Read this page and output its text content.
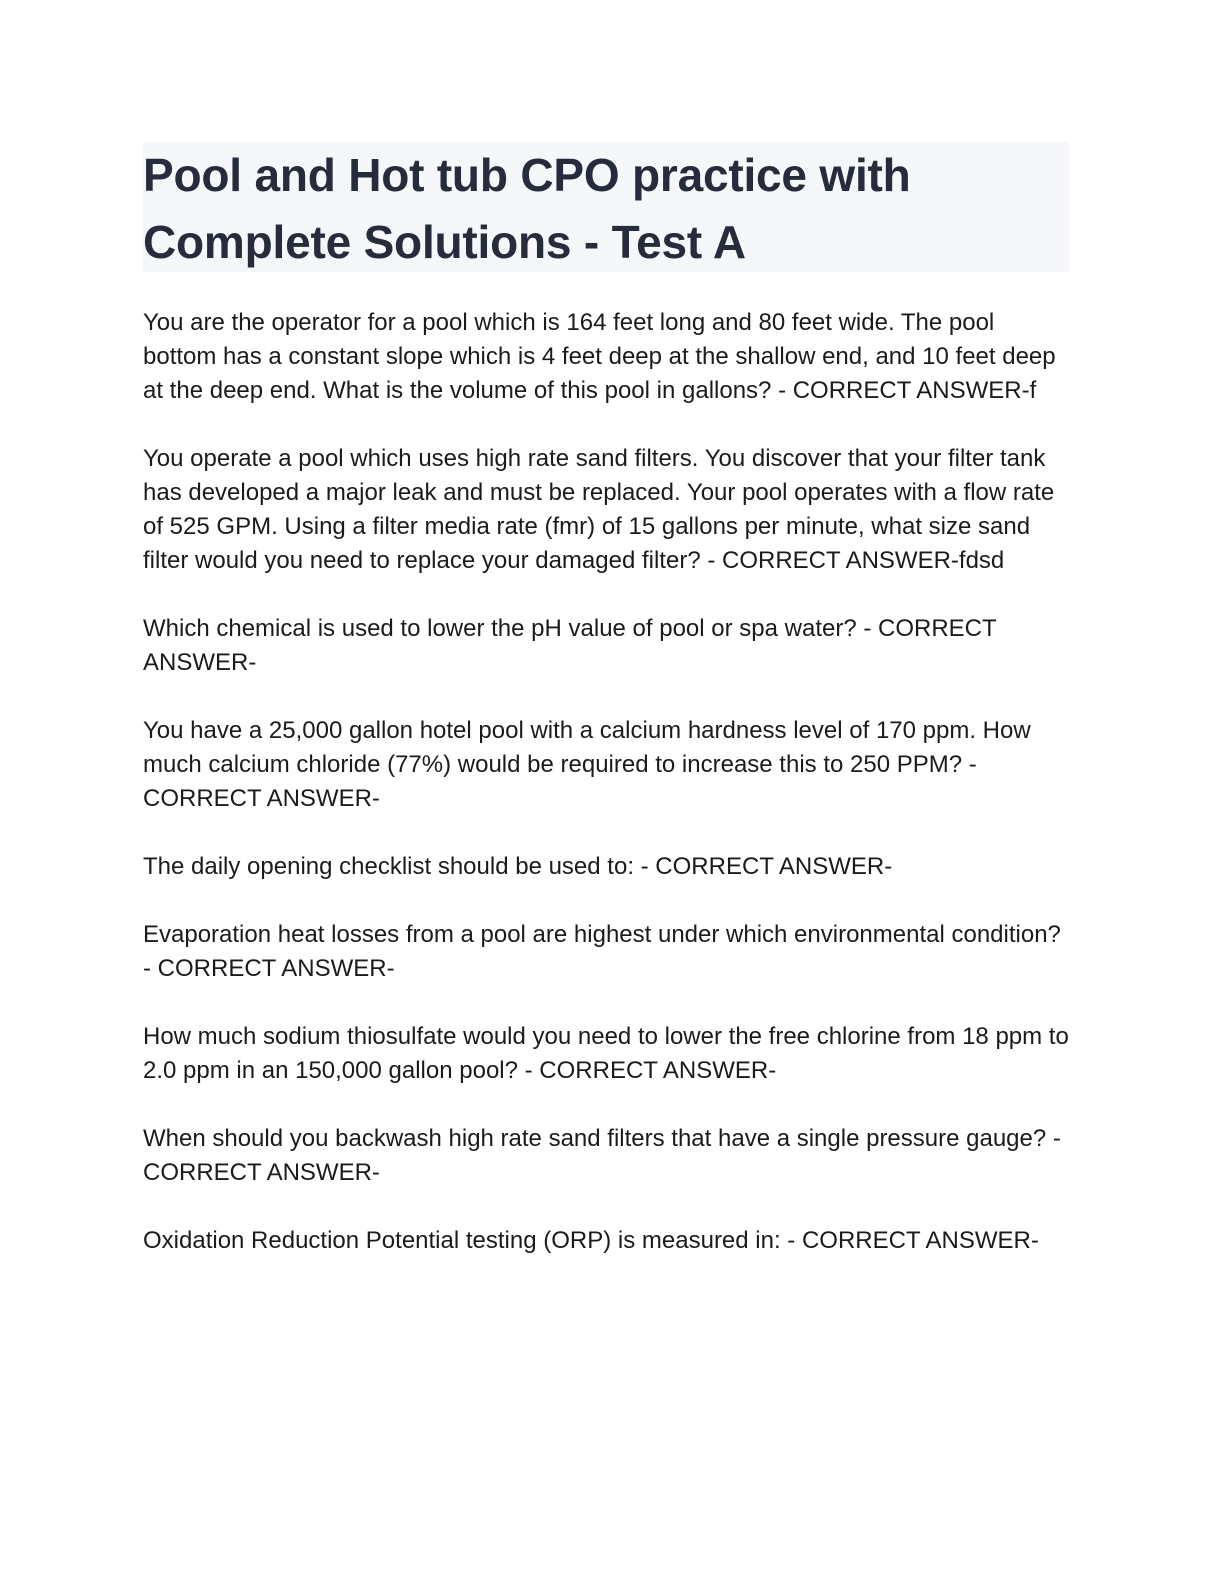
Pool and Hot tub CPO practice with Complete Solutions - Test A

You are the operator for a pool which is 164 feet long and 80 feet wide. The pool bottom has a constant slope which is 4 feet deep at the shallow end, and 10 feet deep at the deep end. What is the volume of this pool in gallons? - CORRECT ANSWER-f

You operate a pool which uses high rate sand filters. You discover that your filter tank has developed a major leak and must be replaced. Your pool operates with a flow rate of 525 GPM. Using a filter media rate (fmr) of 15 gallons per minute, what size sand filter would you need to replace your damaged filter? - CORRECT ANSWER-fdsd

Which chemical is used to lower the pH value of pool or spa water? - CORRECT ANSWER-

You have a 25,000 gallon hotel pool with a calcium hardness level of 170 ppm. How much calcium chloride (77%) would be required to increase this to 250 PPM? - CORRECT ANSWER-

The daily opening checklist should be used to: - CORRECT ANSWER-

Evaporation heat losses from a pool are highest under which environmental condition? - CORRECT ANSWER-

How much sodium thiosulfate would you need to lower the free chlorine from 18 ppm to 2.0 ppm in an 150,000 gallon pool? - CORRECT ANSWER-

When should you backwash high rate sand filters that have a single pressure gauge? - CORRECT ANSWER-

Oxidation Reduction Potential testing (ORP) is measured in: - CORRECT ANSWER-
